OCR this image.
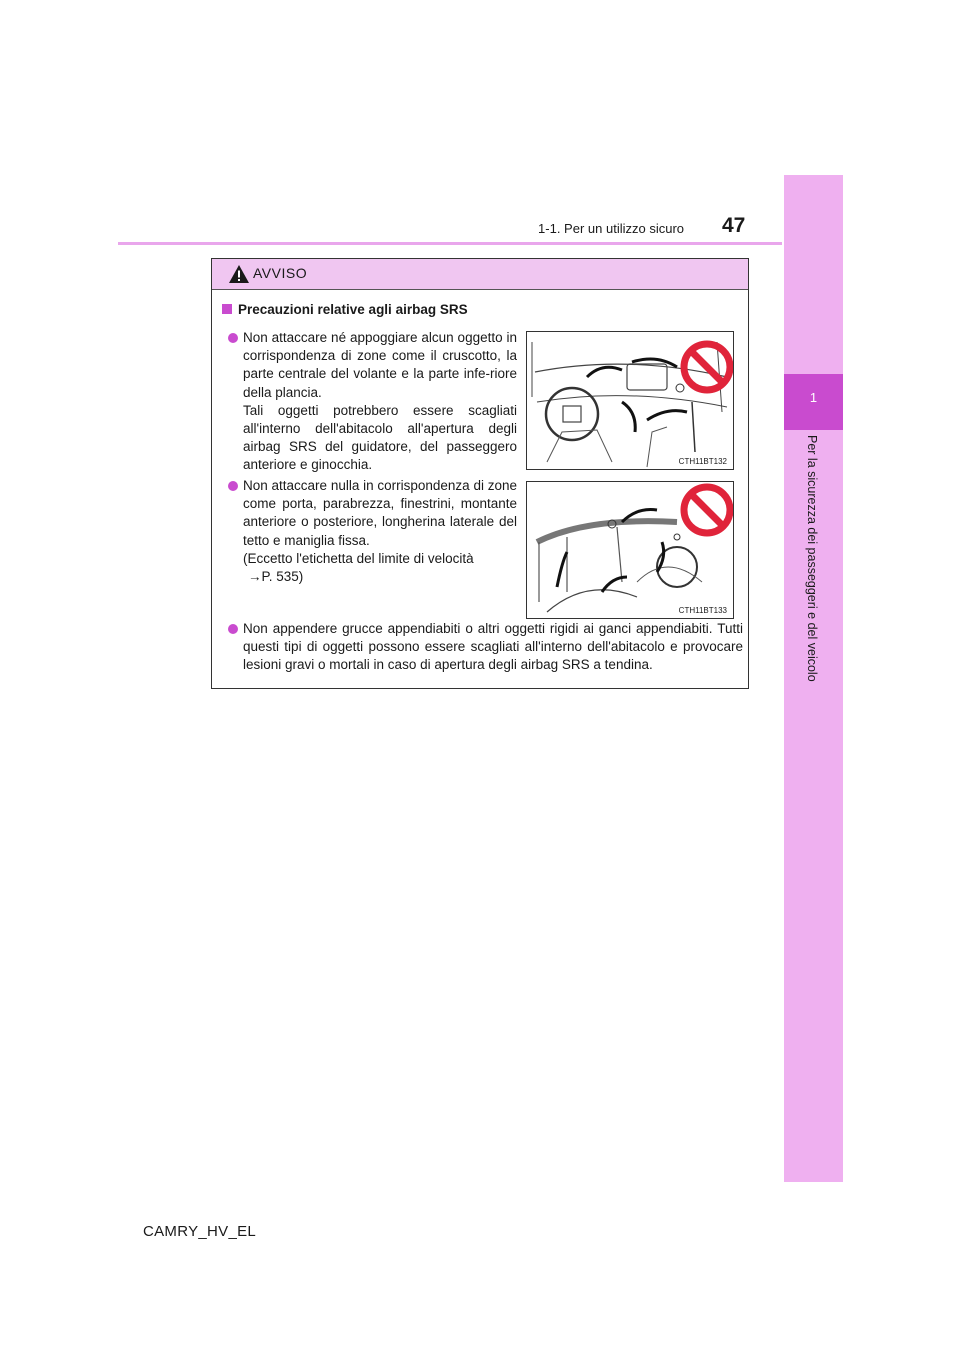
47
1-1. Per un utilizzo sicuro
1
Per la sicurezza dei passeggeri e del veicolo
AVVISO
Precauzioni relative agli airbag SRS
Non attaccare né appoggiare alcun oggetto in corrispondenza di zone come il cruscotto, la parte centrale del volante e la parte infe-riore della plancia.
Tali oggetti potrebbero essere scagliati all'interno dell'abitacolo all'apertura degli airbag SRS del guidatore, del passeggero anteriore e ginocchia.	CTH11BT132
Non attaccare nulla in corrispondenza di zone come porta, parabrezza, finestrini, montante anteriore o posteriore, longherina laterale del tetto e maniglia fissa.
(Eccetto l'etichetta del limite di velocità
→P. 535)
CTH11BT133
Non appendere grucce appendiabiti o altri oggetti rigidi ai ganci appendiabiti. Tutti questi tipi di oggetti possono essere scagliati all'interno dell'abitacolo e provocare lesioni gravi o mortali in caso di apertura degli airbag SRS a tendina.
CAMRY_HV_EL
